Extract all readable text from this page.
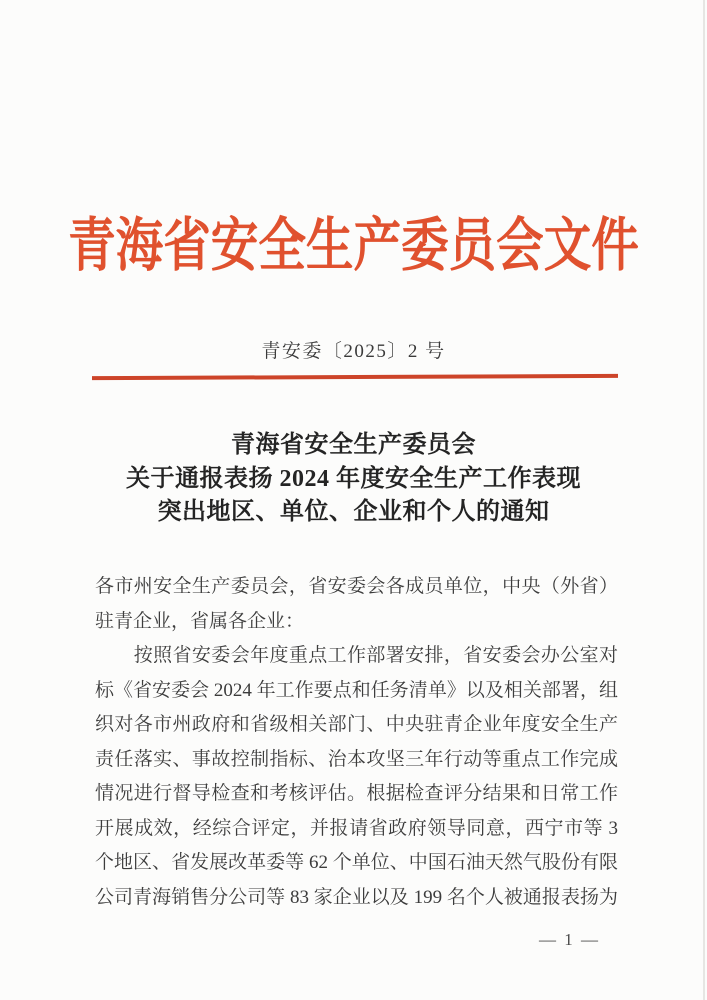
青海省安全生产委员会文件
青安委〔2025〕2 号
青海省安全生产委员会
关于通报表扬 2024 年度安全生产工作表现
突出地区、单位、企业和个人的通知
各市州安全生产委员会，省安委会各成员单位，中央（外省）
驻青企业，省属各企业：
　　按照省安委会年度重点工作部署安排，省安委会办公室对
标《省安委会 2024 年工作要点和任务清单》以及相关部署，组
织对各市州政府和省级相关部门、中央驻青企业年度安全生产
责任落实、事故控制指标、治本攻坚三年行动等重点工作完成
情况进行督导检查和考核评估。根据检查评分结果和日常工作
开展成效，经综合评定，并报请省政府领导同意，西宁市等 3
个地区、省发展改革委等 62 个单位、中国石油天然气股份有限
公司青海销售分公司等 83 家企业以及 199 名个人被通报表扬为
— 1 —
